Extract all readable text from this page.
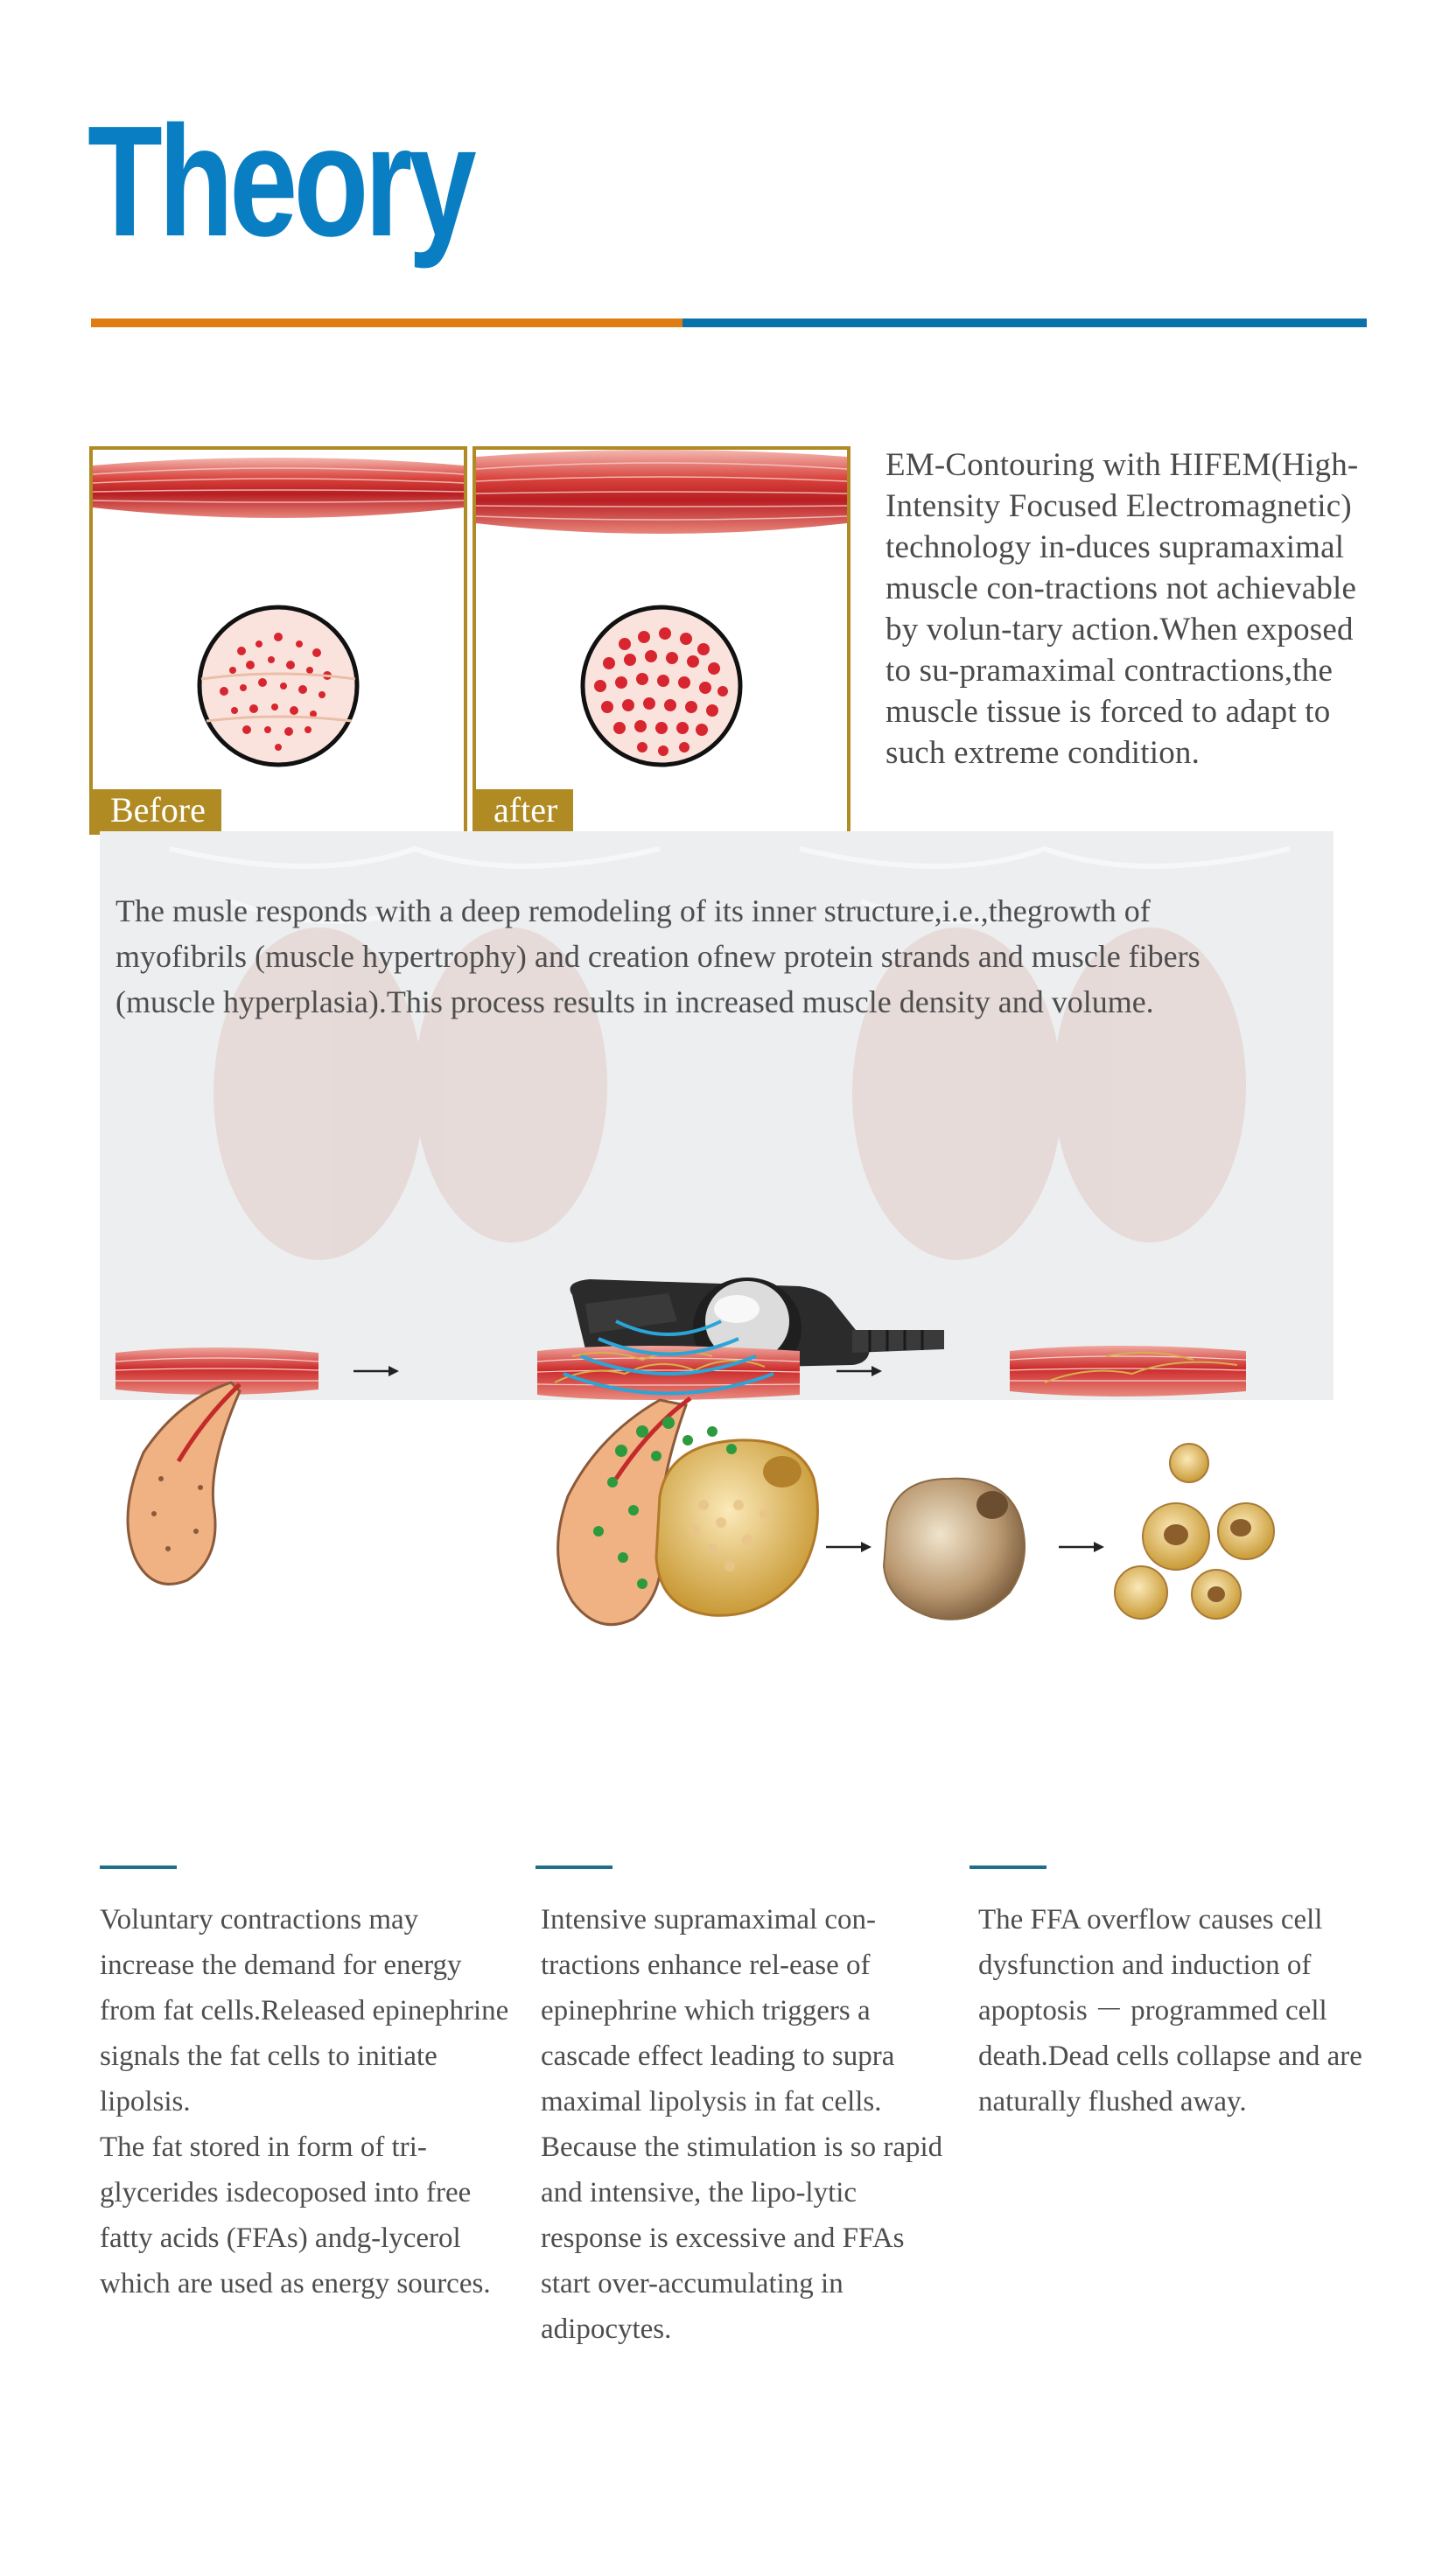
Theory
Before	after
EM-Contouring with HIFEM(High-Intensity Focused Electromagnetic) technology in-duces supramaximal muscle con-tractions not achievable by volun-tary action.When exposed to su-pramaximal contractions,the muscle tissue is forced to adapt to such extreme condition.
The musle responds with a deep remodeling of its inner structure,i.e.,thegrowth of myofibrils (muscle hypertrophy) and creation ofnew protein strands and muscle fibers (muscle hyperplasia).This process results in increased muscle density and volume.

Voluntary contractions may increase the demand for energy from fat cells.Released epinephrine signals the fat cells to initiate lipolsis.

The fat stored in form of tri-glycerides isdecoposed into free fatty acids (FFAs) andg-lycerol which are used as energy sources.

Intensive supramaximal con-tractions enhance rel-ease of epinephrine which triggers a cascade effect leading to supra maximal lipolysis in fat cells.

Because the stimulation is so rapid and intensive, the lipo-lytic response is excessive and FFAs start over-accumulating in adipocytes.

The FFA overflow causes cell dysfunction and induction of apoptosis － programmed cell death.Dead cells collapse and are naturally flushed away.
